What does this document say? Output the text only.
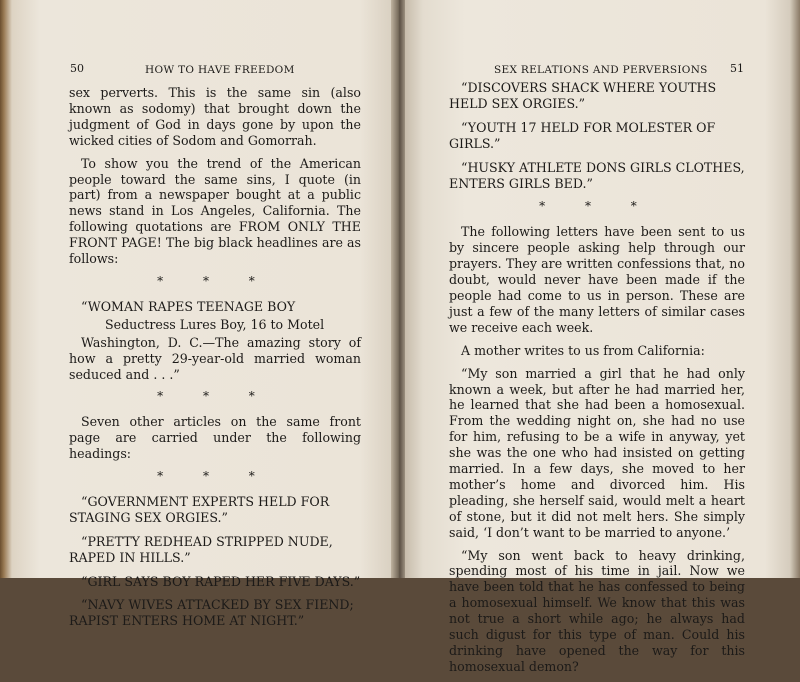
50	HOW TO HAVE FREEDOM

sex perverts. This is the same sin (also known as sodomy) that brought down the judgment of God in days gone by upon the wicked cities of Sodom and Gomorrah.

To show you the trend of the American people toward the same sins, I quote (in part) from a newspaper bought at a public news stand in Los Angeles, California. The following quotations are FROM ONLY THE FRONT PAGE! The big black headlines are as follows:

* * *

“WOMAN RAPES TEENAGE BOY

Seductress Lures Boy, 16 to Motel

Washington, D. C.—The amazing story of how a pretty 29-year-old married woman seduced and . . .”

* * *

Seven other articles on the same front page are carried under the following headings:

* * *

“GOVERNMENT EXPERTS HELD FOR STAGING SEX ORGIES.”

“PRETTY REDHEAD STRIPPED NUDE, RAPED IN HILLS.”

“GIRL SAYS BOY RAPED HER FIVE DAYS.”

“NAVY WIVES ATTACKED BY SEX FIEND; RAPIST ENTERS HOME AT NIGHT.”

SEX RELATIONS AND PERVERSIONS 51

“DISCOVERS SHACK WHERE YOUTHS HELD SEX ORGIES.”

“YOUTH 17 HELD FOR MOLESTER OF GIRLS.”

“HUSKY ATHLETE DONS GIRLS CLOTHES, ENTERS GIRLS BED.”

* * *

The following letters have been sent to us by sincere people asking help through our prayers. They are written confessions that, no doubt, would never have been made if the people had come to us in person. These are just a few of the many letters of similar cases we receive each week.

A mother writes to us from California:

“My son married a girl that he had only known a week, but after he had married her, he learned that she had been a homosexual. From the wedding night on, she had no use for him, refusing to be a wife in anyway, yet she was the one who had insisted on getting married. In a few days, she moved to her mother’s home and divorced him. His pleading, she herself said, would melt a heart of stone, but it did not melt hers. She simply said, ‘I don’t want to be married to anyone.’

“My son went back to heavy drinking, spending most of his time in jail. Now we have been told that he has confessed to being a homosexual himself. We know that this was not true a short while ago; he always had such digust for this type of man. Could his drinking have opened the way for this homosexual demon?
